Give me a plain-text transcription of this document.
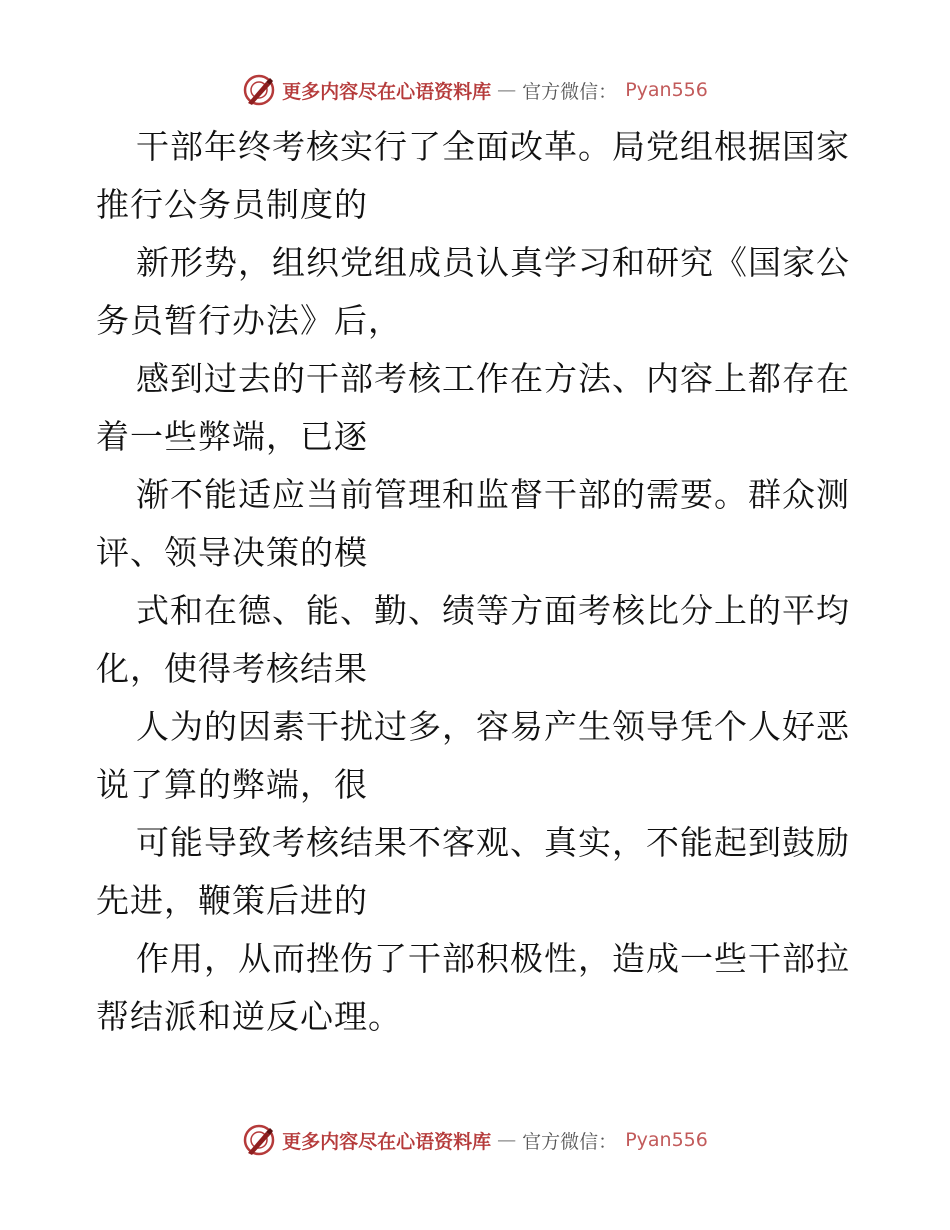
更多内容尽在心语资料库 — 官方微信： Pyan556

干部年终考核实行了全面改革。局党组根据国家
推行公务员制度的

新形势，组织党组成员认真学习和研究《国家公
务员暂行办法》后，

感到过去的干部考核工作在方法、内容上都存在
着一些弊端，已逐

渐不能适应当前管理和监督干部的需要。群众测
评、领导决策的模

式和在德、能、勤、绩等方面考核比分上的平均
化，使得考核结果

人为的因素干扰过多，容易产生领导凭个人好恶
说了算的弊端，很

可能导致考核结果不客观、真实，不能起到鼓励
先进，鞭策后进的

作用，从而挫伤了干部积极性，造成一些干部拉
帮结派和逆反心理。

更多内容尽在心语资料库 — 官方微信： Pyan556
